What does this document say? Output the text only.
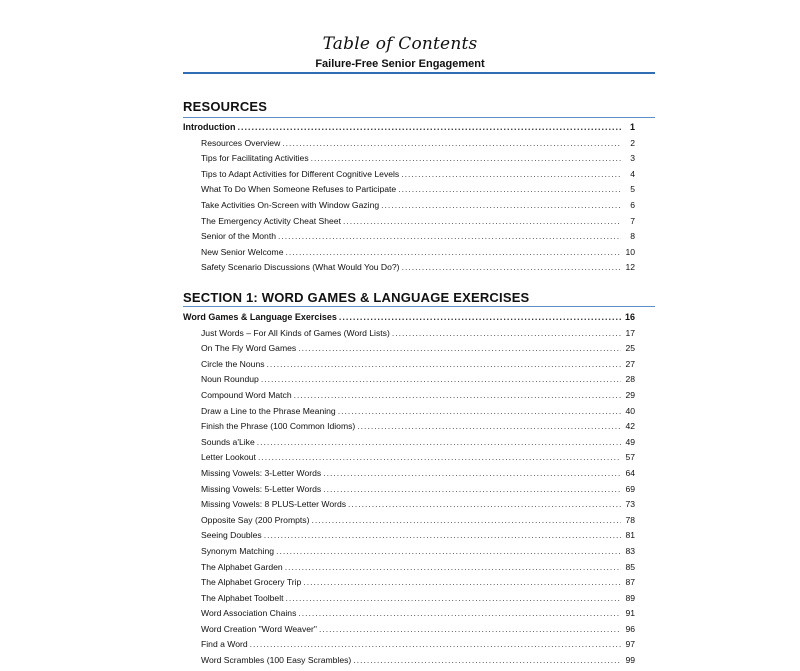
Table of Contents
Failure-Free Senior Engagement
RESOURCES
Introduction .....	1
Resources Overview .....	2
Tips for Facilitating Activities .....	3
Tips to Adapt Activities for Different Cognitive Levels .....	4
What To Do When Someone Refuses to Participate .....	5
Take Activities On-Screen with Window Gazing .....	6
The Emergency Activity Cheat Sheet .....	7
Senior of the Month .....	8
New Senior Welcome .....	10
Safety Scenario Discussions (What Would You Do?) .....	12
SECTION 1: WORD GAMES & LANGUAGE EXERCISES
Word Games & Language Exercises .....	16
Just Words – For All Kinds of Games (Word Lists) .....	17
On The Fly Word Games .....	25
Circle the Nouns .....	27
Noun Roundup .....	28
Compound Word Match .....	29
Draw a Line to the Phrase Meaning .....	40
Finish the Phrase (100 Common Idioms) .....	42
Sounds a'Like .....	49
Letter Lookout .....	57
Missing Vowels: 3-Letter Words .....	64
Missing Vowels: 5-Letter Words .....	69
Missing Vowels: 8 PLUS-Letter Words .....	73
Opposite Say (200 Prompts) .....	78
Seeing Doubles .....	81
Synonym Matching .....	83
The Alphabet Garden .....	85
The Alphabet Grocery Trip .....	87
The Alphabet Toolbelt .....	89
Word Association Chains .....	91
Word Creation "Word Weaver" .....	96
Find a Word .....	97
Word Scrambles (100 Easy Scrambles) .....	99
